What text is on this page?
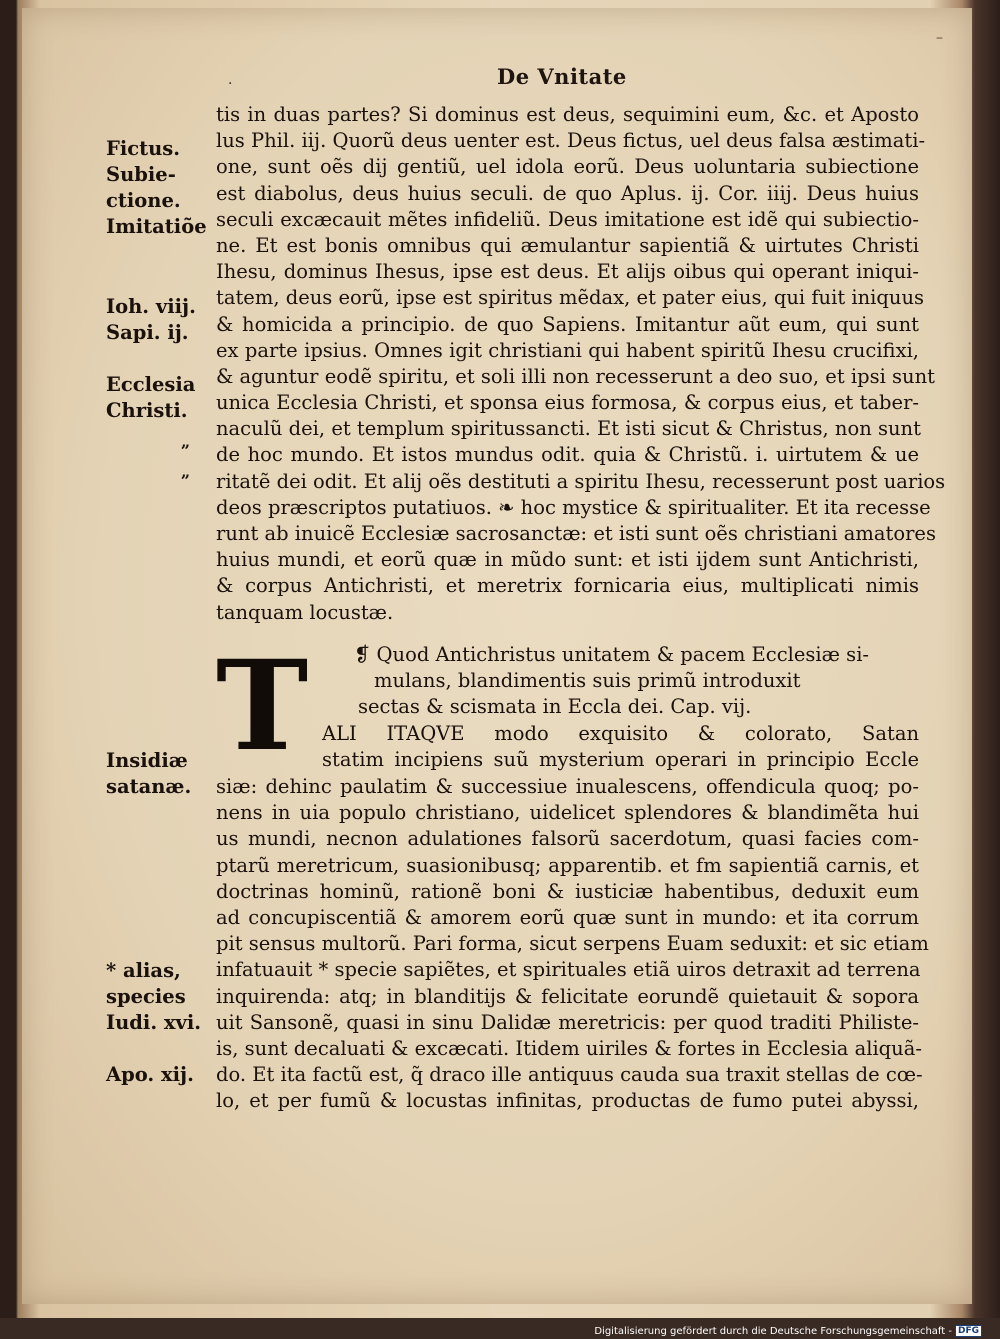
–
·	De Vnitate
tis in duas partes? Si dominus est deus, sequimini eum, &c. et Aposto
lus Phil. iij. Quorũ deus uenter est. Deus fictus, uel deus falsa æstimati-
one, sunt oẽs dij gentiũ, uel idola eorũ. Deus uoluntaria subiectione
est diabolus, deus huius seculi. de quo Aplus. ij. Cor. iiij. Deus huius
seculi excæcauit mẽtes infideliũ. Deus imitatione est idẽ qui subiectio-
ne. Et est bonis omnibus qui æmulantur sapientiã & uirtutes Christi
Ihesu, dominus Ihesus, ipse est deus. Et alijs oibus qui operant iniqui-
tatem, deus eorũ, ipse est spiritus mẽdax, et pater eius, qui fuit iniquus
& homicida a principio. de quo Sapiens. Imitantur aũt eum, qui sunt
ex parte ipsius. Omnes igit christiani qui habent spiritũ Ihesu crucifixi,
& aguntur eodẽ spiritu, et soli illi non recesserunt a deo suo, et ipsi sunt
unica Ecclesia Christi, et sponsa eius formosa, & corpus eius, et taber-
naculũ dei, et templum spiritussancti. Et isti sicut & Christus, non sunt
de hoc mundo. Et istos mundus odit. quia & Christũ. i. uirtutem & ue
ritatẽ dei odit. Et alij oẽs destituti a spiritu Ihesu, recesserunt post uarios
deos præscriptos putatiuos. ❧ hoc mystice & spiritualiter. Et ita recesse
runt ab inuicẽ Ecclesiæ sacrosanctæ: et isti sunt oẽs christiani amatores
huius mundi, et eorũ quæ in mũdo sunt: et isti ijdem sunt Antichristi,
& corpus Antichristi, et meretrix fornicaria eius, multiplicati nimis
tanquam locustæ.
❡ Quod Antichristus unitatem & pacem Ecclesiæ si-
mulans, blandimentis suis primũ introduxit
sectas & scismata in Eccla dei. Cap. vij.
T ALI ITAQVE modo exquisito & colorato, Satan
statim incipiens suũ mysterium operari in principio Eccle
siæ: dehinc paulatim & successiue inualescens, offendicula quoq; po-
nens in uia populo christiano, uidelicet splendores & blandimẽta hui
us mundi, necnon adulationes falsorũ sacerdotum, quasi facies com-
ptarũ meretricum, suasionibusq; apparentib. et fm sapientiã carnis, et
doctrinas hominũ, rationẽ boni & iusticiæ habentibus, deduxit eum
ad concupiscentiã & amorem eorũ quæ sunt in mundo: et ita corrum
pit sensus multorũ. Pari forma, sicut serpens Euam seduxit: et sic etiam
infatuauit * specie sapiẽtes, et spirituales etiã uiros detraxit ad terrena
inquirenda: atq; in blanditijs & felicitate eorundẽ quietauit & sopora
uit Sansonẽ, quasi in sinu Dalidæ meretricis: per quod traditi Philiste-
is, sunt decaluati & excæcati. Itidem uiriles & fortes in Ecclesia aliquã-
do. Et ita factũ est, q̃ draco ille antiquus cauda sua traxit stellas de cœ-
lo, et per fumũ & locustas infinitas, productas de fumo putei abyssi,
Fictus.
Subie-
ctione.
Imitatiõe
Ioh. viij.
Sapi. ij.
Ecclesia
Christi.
Insidiæ
satanæ.
* alias,
species
Iudi. xvi.
Apo. xij.
„
„
Digitalisierung gefördert durch die Deutsche Forschungsgemeinschaft - DFG
